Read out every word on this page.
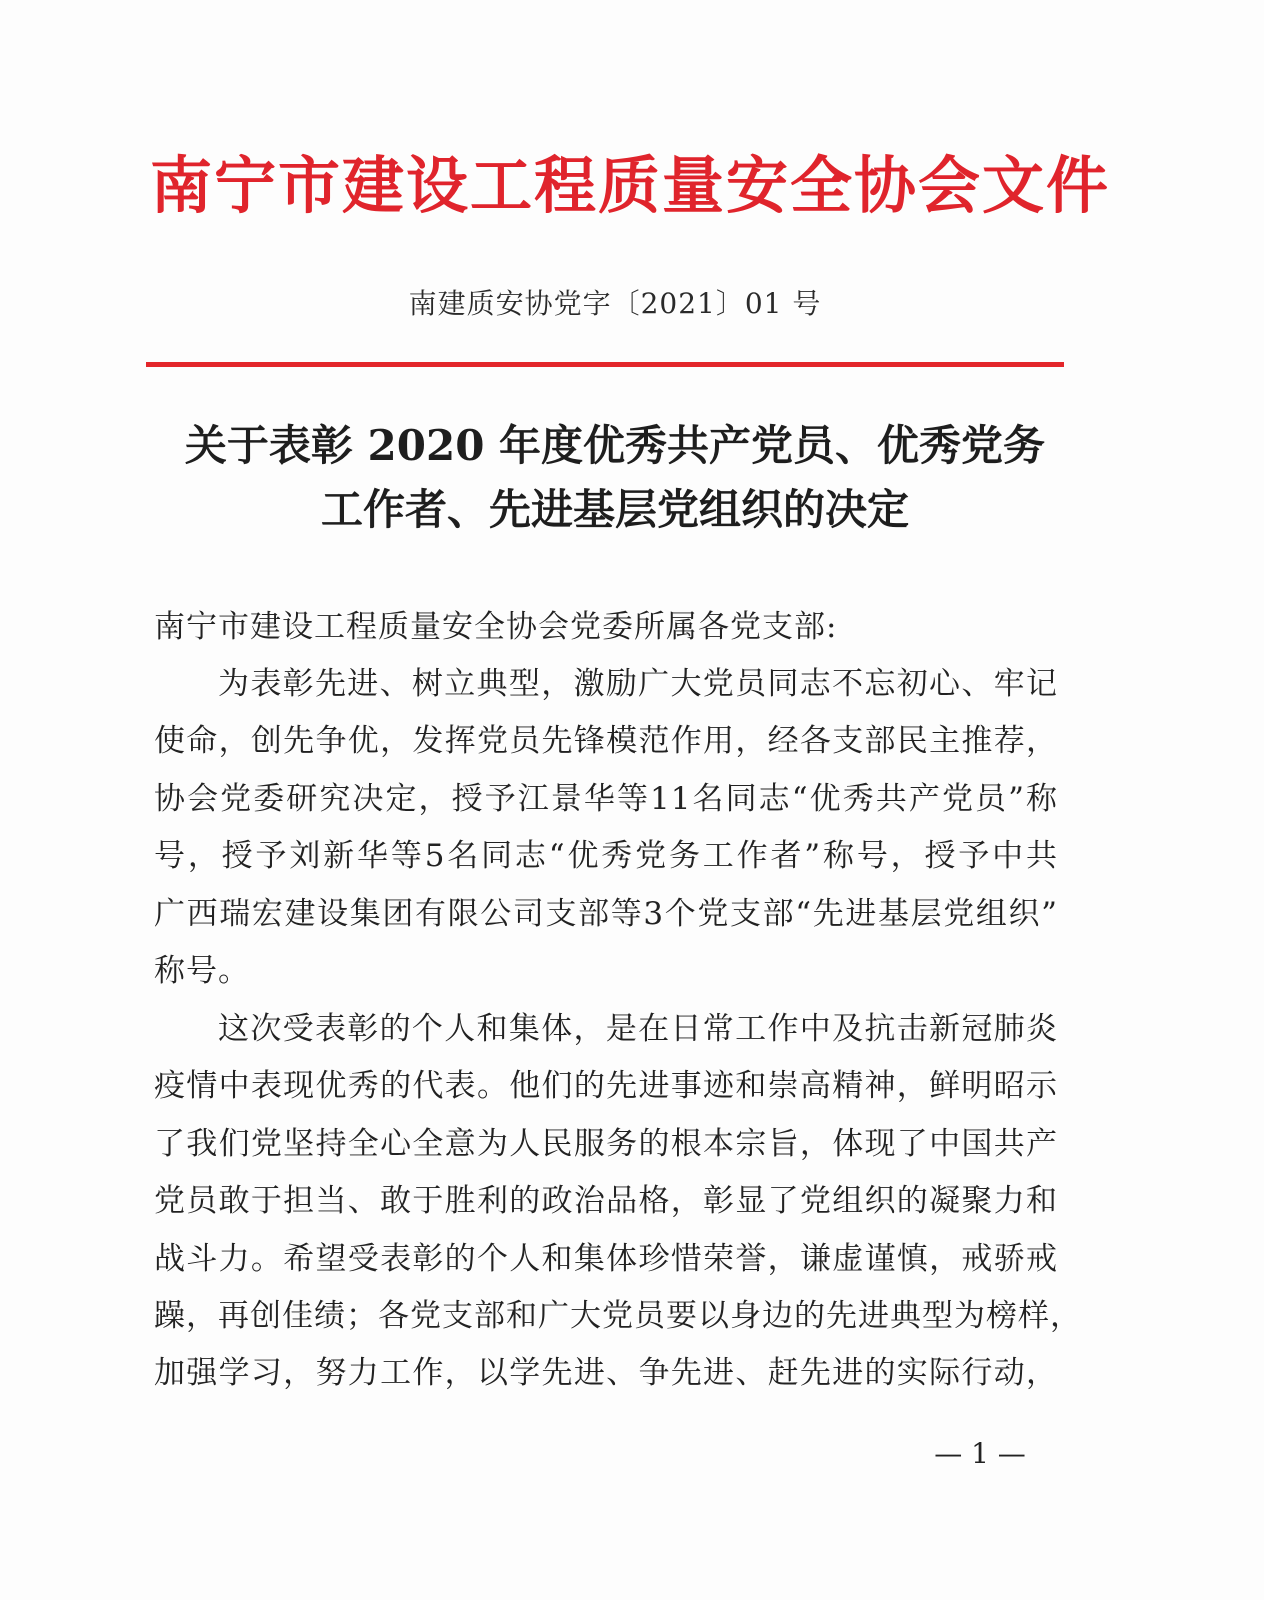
南宁市建设工程质量安全协会文件
南建质安协党字〔2021〕01 号
关于表彰 2020 年度优秀共产党员、优秀党务
工作者、先进基层党组织的决定
南宁市建设工程质量安全协会党委所属各党支部:
为表彰先进、树立典型，激励广大党员同志不忘初心、牢记
使命，创先争优，发挥党员先锋模范作用，经各支部民主推荐，
协会党委研究决定，授予江景华等11名同志“优秀共产党员”称
号，授予刘新华等5名同志“优秀党务工作者”称号，授予中共
广西瑞宏建设集团有限公司支部等3个党支部“先进基层党组织”
称号。
这次受表彰的个人和集体，是在日常工作中及抗击新冠肺炎
疫情中表现优秀的代表。他们的先进事迹和崇高精神，鲜明昭示
了我们党坚持全心全意为人民服务的根本宗旨，体现了中国共产
党员敢于担当、敢于胜利的政治品格，彰显了党组织的凝聚力和
战斗力。希望受表彰的个人和集体珍惜荣誉，谦虚谨慎，戒骄戒
躁，再创佳绩；各党支部和广大党员要以身边的先进典型为榜样，
加强学习，努力工作，以学先进、争先进、赶先进的实际行动，
— 1 —
